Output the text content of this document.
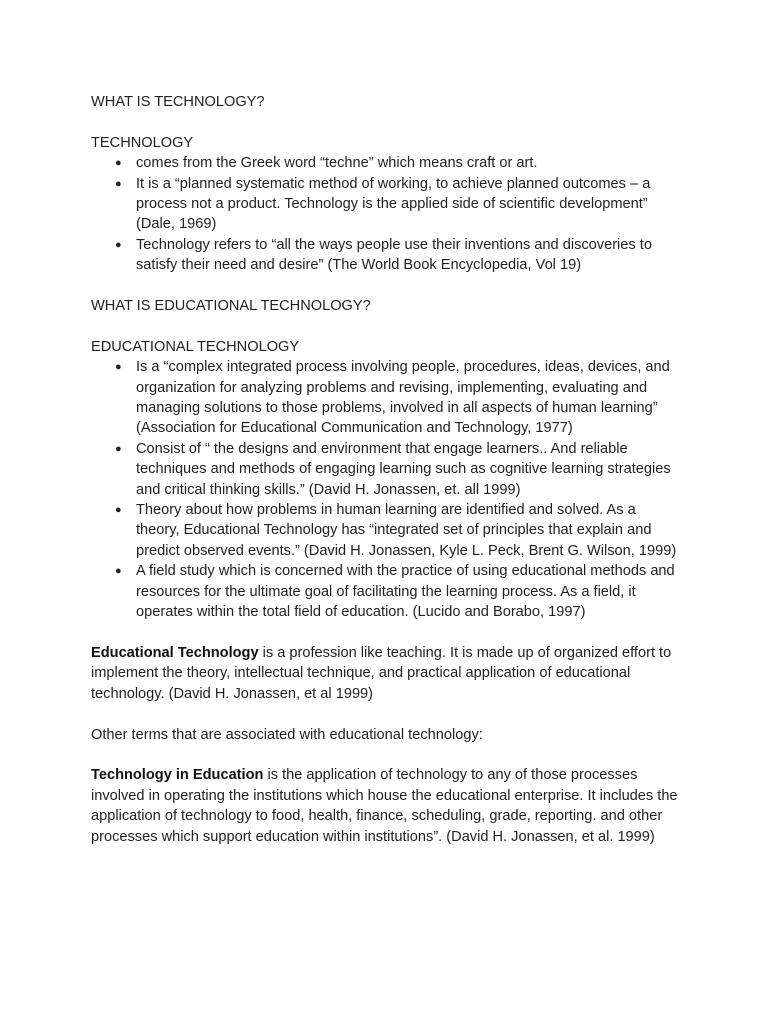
WHAT IS TECHNOLOGY?

TECHNOLOGY

● comes from the Greek word “techne” which means craft or art.
● It is a “planned systematic method of working, to achieve planned outcomes – a process not a product. Technology is the applied side of scientific development” (Dale, 1969)
● Technology refers to “all the ways people use their inventions and discoveries to satisfy their need and desire” (The World Book Encyclopedia, Vol 19)

WHAT IS EDUCATIONAL TECHNOLOGY?

EDUCATIONAL TECHNOLOGY

● Is a “complex integrated process involving people, procedures, ideas, devices, and organization for analyzing problems and revising, implementing, evaluating and managing solutions to those problems, involved in all aspects of human learning” (Association for Educational Communication and Technology, 1977)
● Consist of “ the designs and environment that engage learners.. And reliable techniques and methods of engaging learning such as cognitive learning strategies and critical thinking skills.” (David H. Jonassen, et. all 1999)
● Theory about how problems in human learning are identified and solved. As a theory, Educational Technology has “integrated set of principles that explain and predict observed events.” (David H. Jonassen, Kyle L. Peck, Brent G. Wilson, 1999)
● A field study which is concerned with the practice of using educational methods and resources for the ultimate goal of facilitating the learning process. As a field, it operates within the total field of education. (Lucido and Borabo, 1997)

Educational Technology is a profession like teaching. It is made up of organized effort to implement the theory, intellectual technique, and practical application of educational technology. (David H. Jonassen, et al 1999)

Other terms that are associated with educational technology:

Technology in Education is the application of technology to any of those processes involved in operating the institutions which house the educational enterprise. It includes the application of technology to food, health, finance, scheduling, grade, reporting. and other processes which support education within institutions”. (David H. Jonassen, et al. 1999)
